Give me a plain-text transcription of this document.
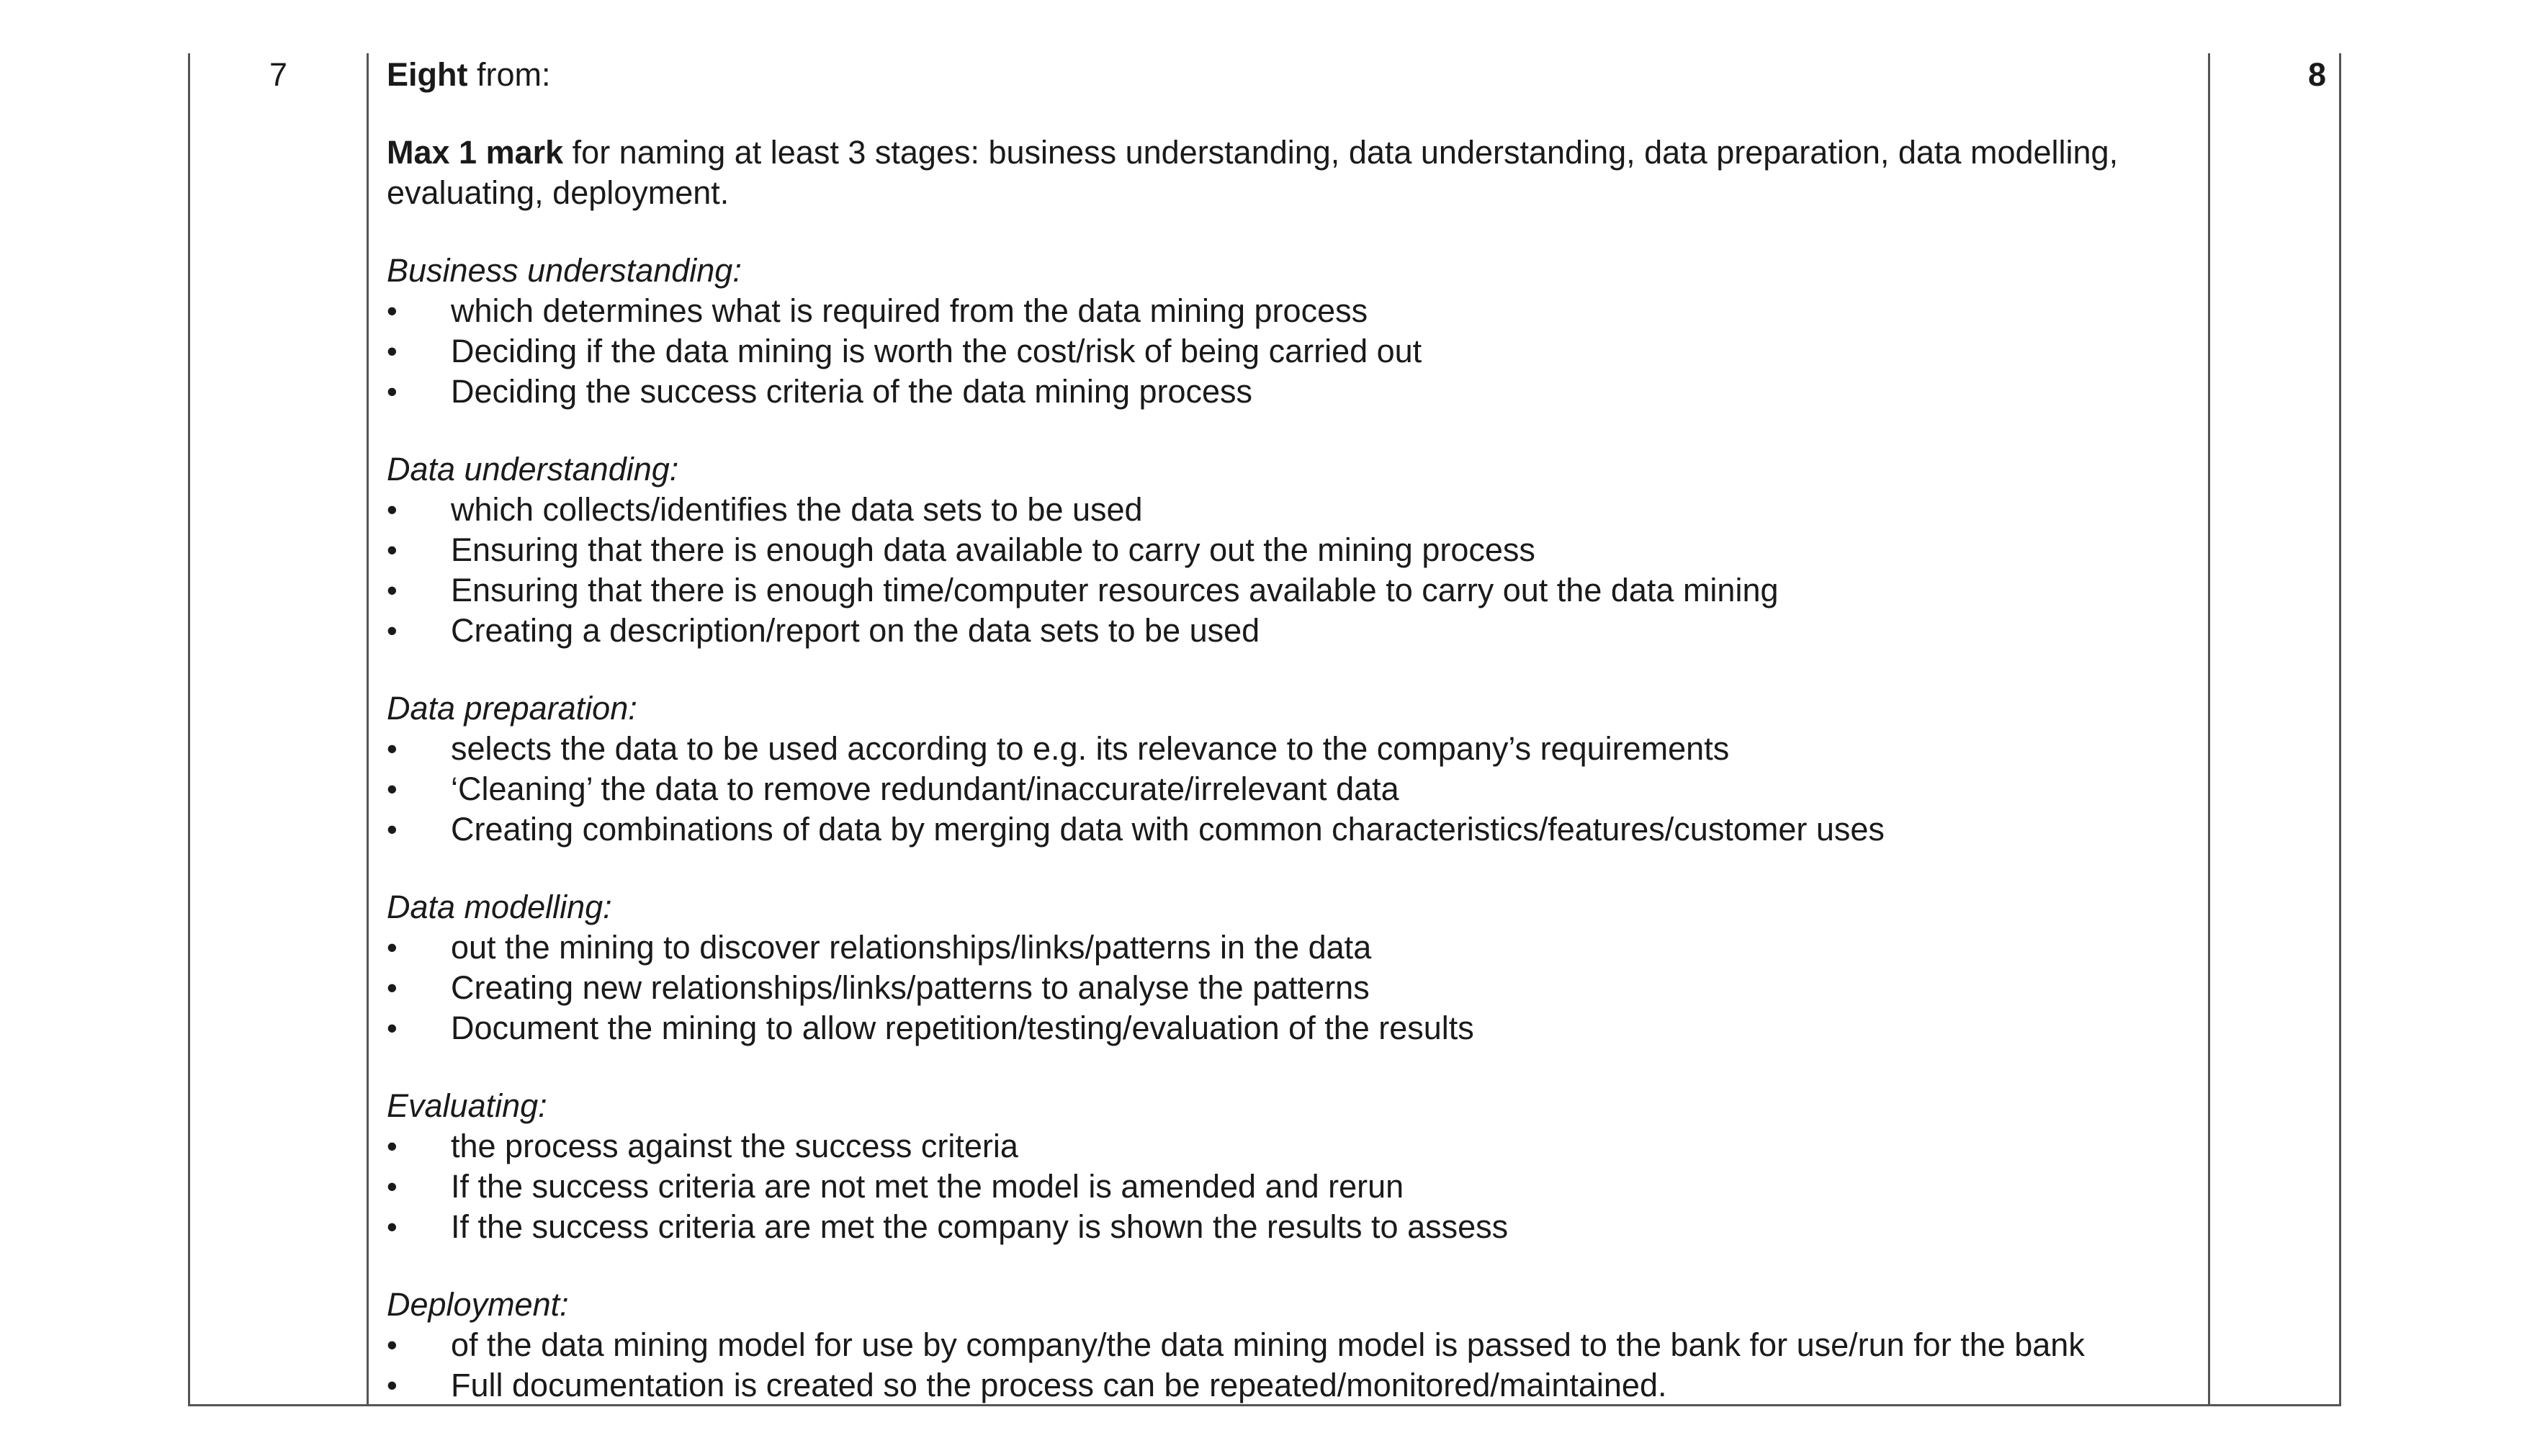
7	8

Eight from:

Max 1 mark for naming at least 3 stages: business understanding, data understanding, data preparation, data modelling, evaluating, deployment.

Business understanding:
• which determines what is required from the data mining process
• Deciding if the data mining is worth the cost/risk of being carried out
• Deciding the success criteria of the data mining process
Data understanding:
• which collects/identifies the data sets to be used
• Ensuring that there is enough data available to carry out the mining process
• Ensuring that there is enough time/computer resources available to carry out the data mining
• Creating a description/report on the data sets to be used
Data preparation:
• selects the data to be used according to e.g. its relevance to the company’s requirements
• ‘Cleaning’ the data to remove redundant/inaccurate/irrelevant data
• Creating combinations of data by merging data with common characteristics/features/customer uses
Data modelling:
• out the mining to discover relationships/links/patterns in the data
• Creating new relationships/links/patterns to analyse the patterns
• Document the mining to allow repetition/testing/evaluation of the results
Evaluating:
• the process against the success criteria
• If the success criteria are not met the model is amended and rerun
• If the success criteria are met the company is shown the results to assess
Deployment:
• of the data mining model for use by company/the data mining model is passed to the bank for use/run for the bank
• Full documentation is created so the process can be repeated/monitored/maintained.
